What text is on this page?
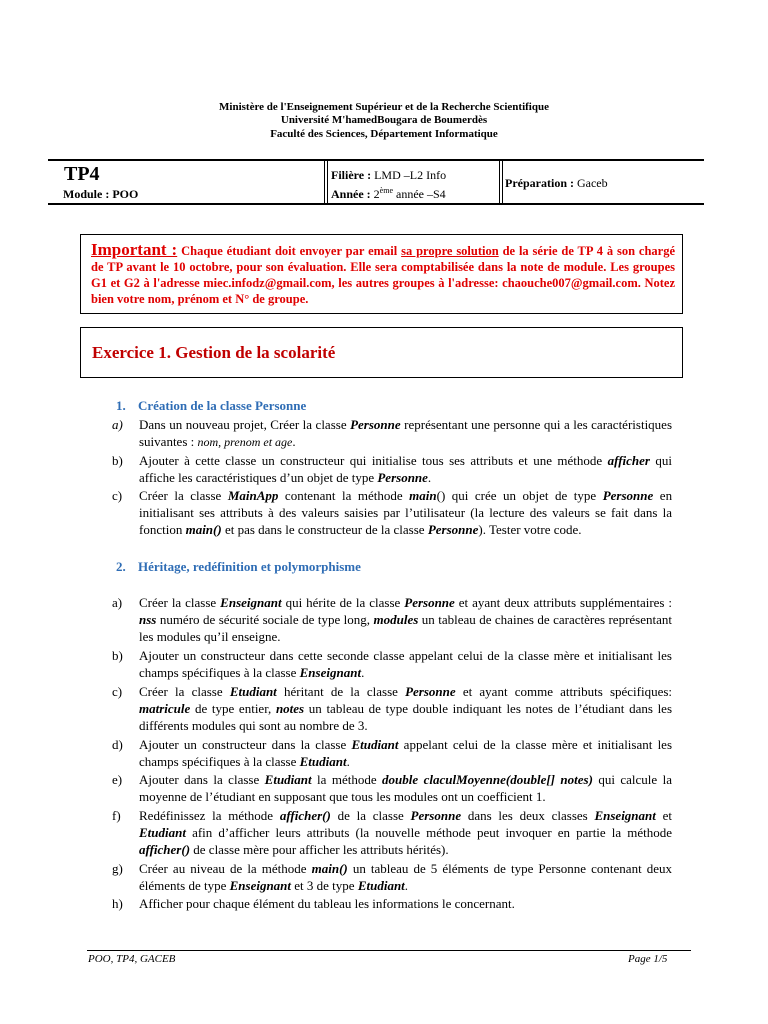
Ministère de l'Enseignement Supérieur et de la Recherche Scientifique
Université M'hamedBougara de Boumerdès
Faculté des Sciences, Département Informatique
TP4
Module : POO
Filière : LMD –L2 Info
Année : 2ème année –S4
Préparation : Gaceb
Important : Chaque étudiant doit envoyer par email sa propre solution de la série de TP 4 à son chargé de TP avant le 10 octobre, pour son évaluation. Elle sera comptabilisée dans la note de module. Les groupes G1 et G2 à l'adresse miec.infodz@gmail.com, les autres groupes à l'adresse: chaouche007@gmail.com. Notez bien votre nom, prénom et N° de groupe.
Exercice 1. Gestion de la scolarité
1. Création de la classe Personne
a)	Dans un nouveau projet, Créer la classe Personne représentant une personne qui a les caractéristiques suivantes : nom, prenom et age.
b)	Ajouter à cette classe un constructeur qui initialise tous ses attributs et une méthode afficher qui affiche les caractéristiques d’un objet de type Personne.
c)	Créer la classe MainApp contenant la méthode main() qui crée un objet de type Personne en initialisant ses attributs à des valeurs saisies par l’utilisateur (la lecture des valeurs se fait dans la fonction main() et pas dans le constructeur de la classe Personne). Tester votre code.
2. Héritage, redéfinition et polymorphisme
a)	Créer la classe Enseignant qui hérite de la classe Personne et ayant deux attributs supplémentaires : nss numéro de sécurité sociale de type long, modules un tableau de chaines de caractères représentant les modules qu’il enseigne.
b)	Ajouter un constructeur dans cette seconde classe appelant celui de la classe mère et initialisant les champs spécifiques à la classe Enseignant.
c)	Créer la classe Etudiant héritant de la classe Personne et ayant comme attributs spécifiques: matricule de type entier, notes un tableau de type double indiquant les notes de l’étudiant dans les différents modules qui sont au nombre de 3.
d)	Ajouter un constructeur dans la classe Etudiant appelant celui de la classe mère et initialisant les champs spécifiques à la classe Etudiant.
e)	Ajouter dans la classe Etudiant la méthode double claculMoyenne(double[] notes) qui calcule la moyenne de l’étudiant en supposant que tous les modules ont un coefficient 1.
f)	Redéfinissez la méthode afficher() de la classe Personne dans les deux classes Enseignant et Etudiant afin d’afficher leurs attributs (la nouvelle méthode peut invoquer en partie la méthode afficher() de classe mère pour afficher les attributs hérités).
g)	Créer au niveau de la méthode main() un tableau de 5 éléments de type Personne contenant deux éléments de type Enseignant et 3 de type Etudiant.
h)	Afficher pour chaque élément du tableau les informations le concernant.
POO, TP4, GACEB	Page 1/5
